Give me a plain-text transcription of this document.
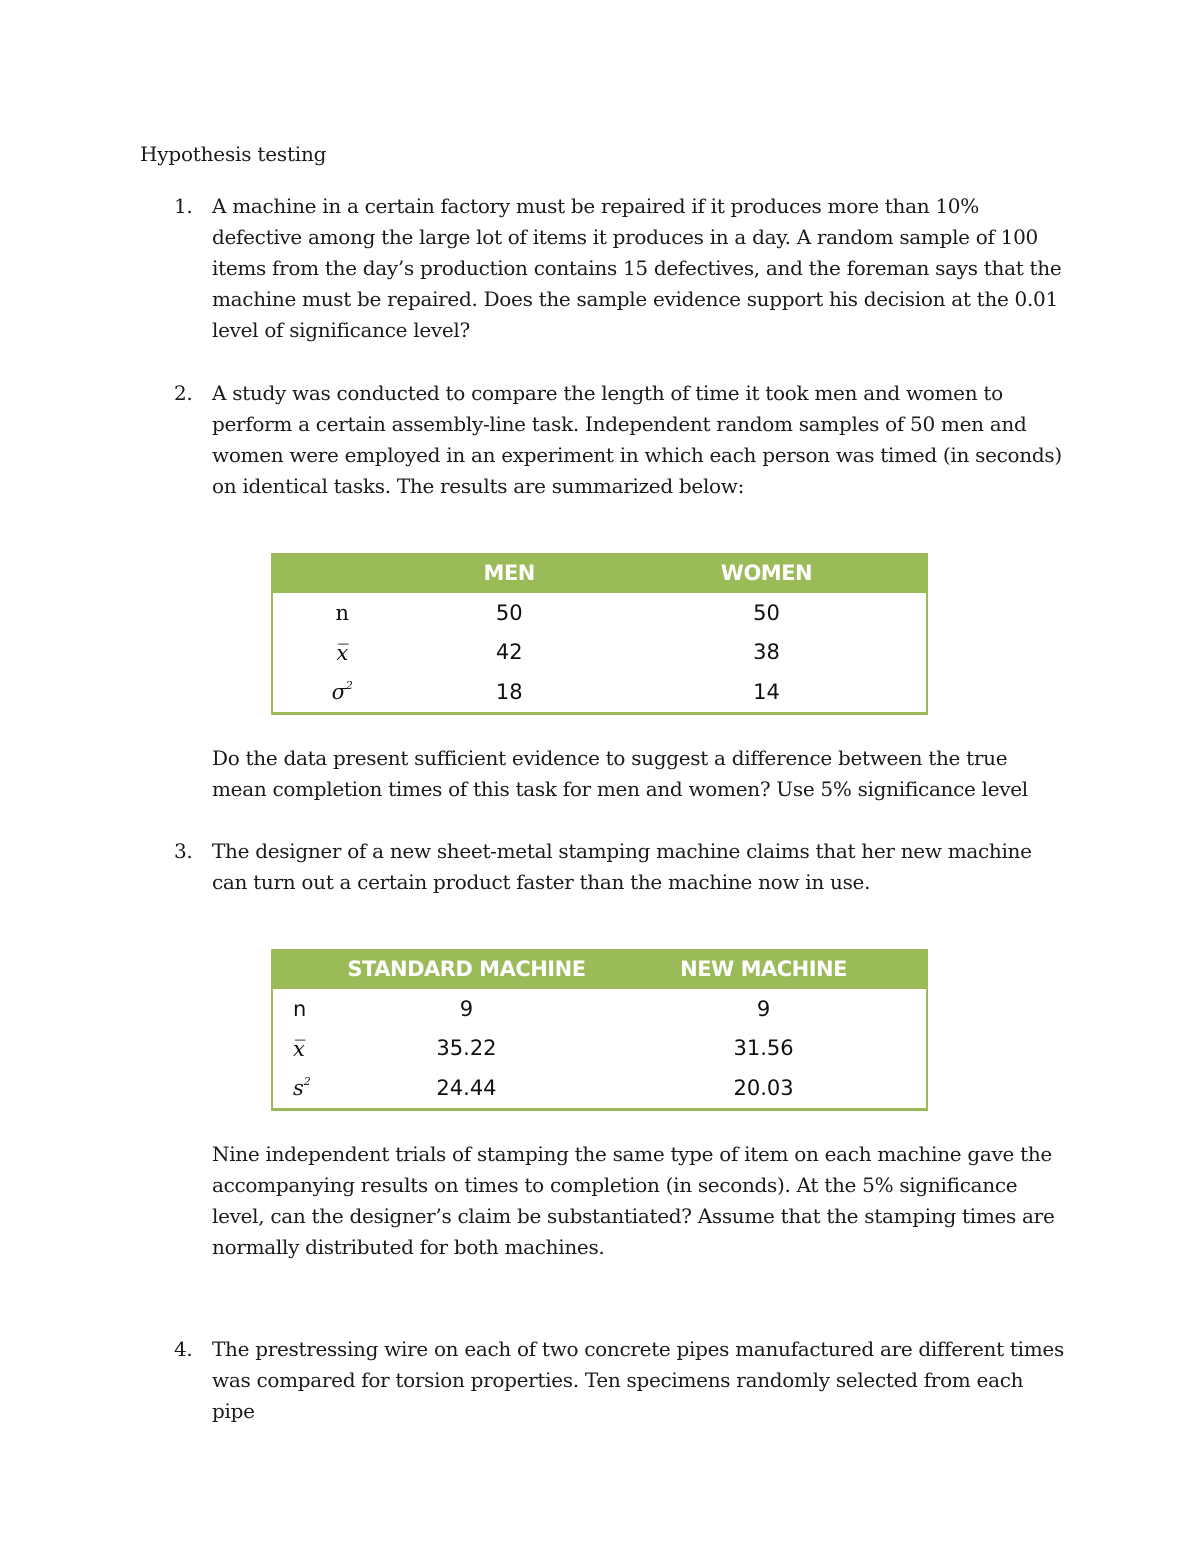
Hypothesis testing
1. A machine in a certain factory must be repaired if it produces more than 10% defective among the large lot of items it produces in a day. A random sample of 100 items from the day’s production contains 15 defectives, and the foreman says that the machine must be repaired. Does the sample evidence support his decision at the 0.01 level of significance level?
2. A study was conducted to compare the length of time it took men and women to perform a certain assembly-line task. Independent random samples of 50 men and women were employed in an experiment in which each person was timed (in seconds) on identical tasks. The results are summarized below:
	MEN	WOMEN
n	50	50
x̅	42	38
$\sigma^2$	18	14
Do the data present sufficient evidence to suggest a difference between the true mean completion times of this task for men and women? Use 5% significance level
3. The designer of a new sheet-metal stamping machine claims that her new machine can turn out a certain product faster than the machine now in use.
	STANDARD MACHINE	NEW MACHINE
n	9	9
x̅	35.22	31.56
$s^2$	24.44	20.03
Nine independent trials of stamping the same type of item on each machine gave the accompanying results on times to completion (in seconds). At the 5% significance level, can the designer’s claim be substantiated? Assume that the stamping times are normally distributed for both machines.
4. The prestressing wire on each of two concrete pipes manufactured are different times was compared for torsion properties. Ten specimens randomly selected from each pipe
